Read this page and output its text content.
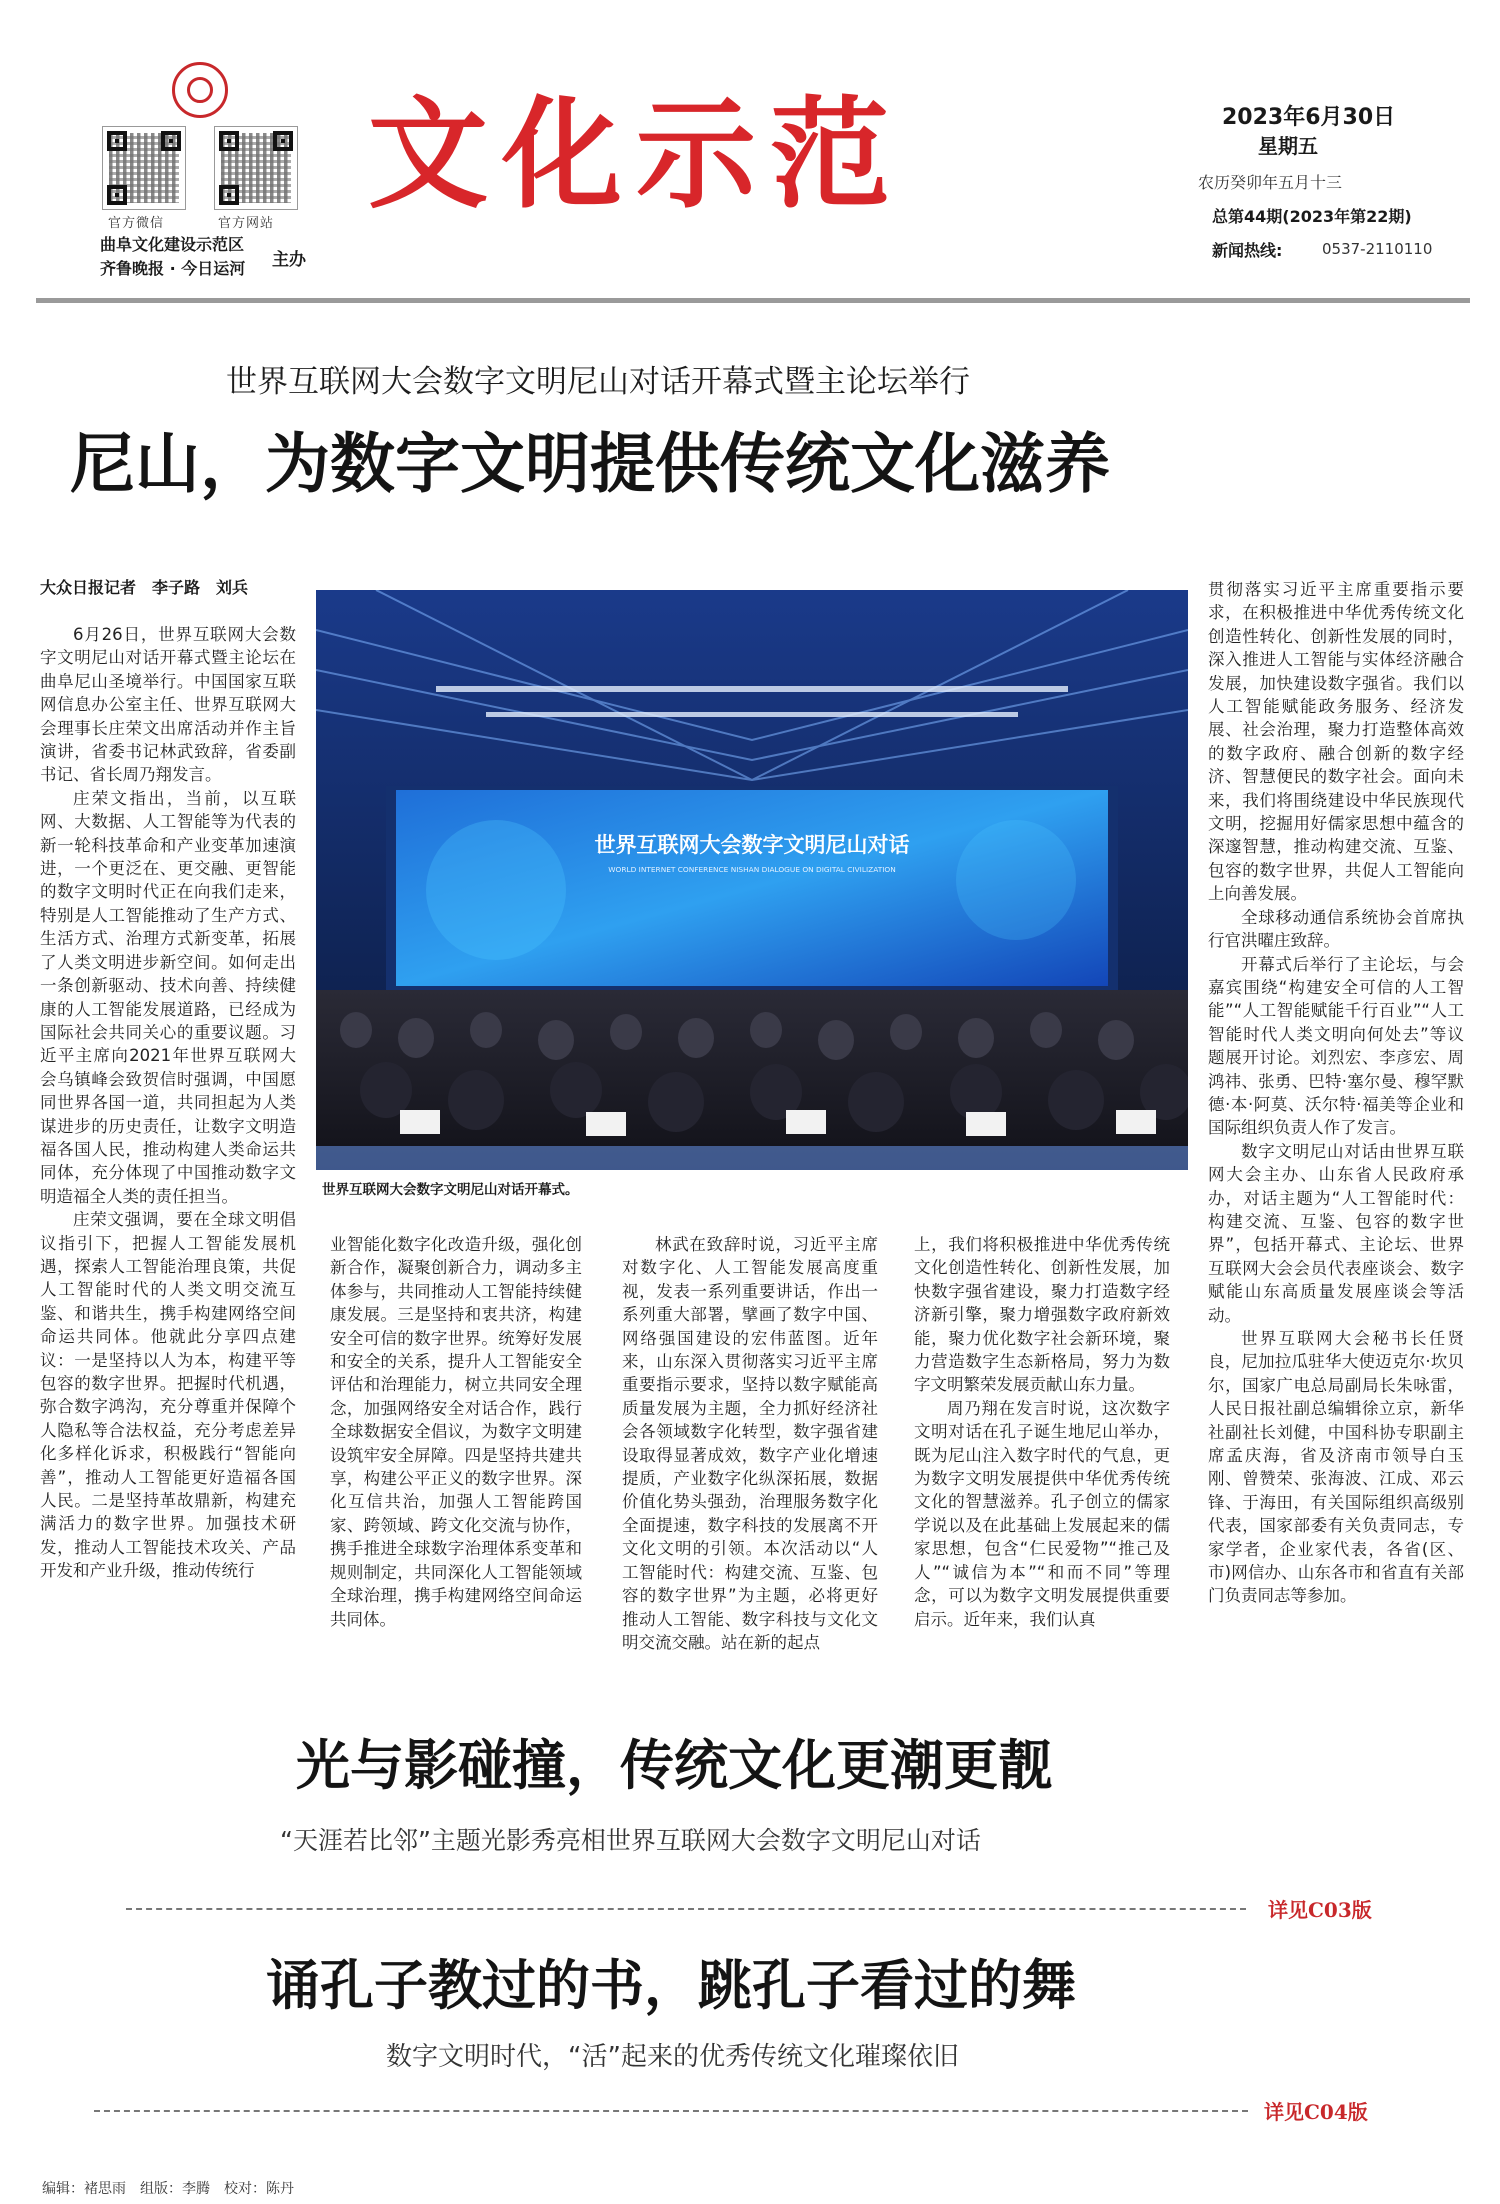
官方微信	官方网站
曲阜文化建设示范区
齐鲁晚报 · 今日运河 主办
文化示范	2023年6月30日
星期五
农历癸卯年五月十三
总第44期(2023年第22期)
新闻热线:	0537-2110110
世界互联网大会数字文明尼山对话开幕式暨主论坛举行
尼山，为数字文明提供传统文化滋养
大众日报记者　李子路　刘兵

6月26日，世界互联网大会数字文明尼山对话开幕式暨主论坛在曲阜尼山圣境举行。中国国家互联网信息办公室主任、世界互联网大会理事长庄荣文出席活动并作主旨演讲，省委书记林武致辞，省委副书记、省长周乃翔发言。

庄荣文指出，当前，以互联网、大数据、人工智能等为代表的新一轮科技革命和产业变革加速演进，一个更泛在、更交融、更智能的数字文明时代正在向我们走来，特别是人工智能推动了生产方式、生活方式、治理方式新变革，拓展了人类文明进步新空间。如何走出一条创新驱动、技术向善、持续健康的人工智能发展道路，已经成为国际社会共同关心的重要议题。习近平主席向2021年世界互联网大会乌镇峰会致贺信时强调，中国愿同世界各国一道，共同担起为人类谋进步的历史责任，让数字文明造福各国人民，推动构建人类命运共同体，充分体现了中国推动数字文明造福全人类的责任担当。

庄荣文强调，要在全球文明倡议指引下，把握人工智能发展机遇，探索人工智能治理良策，共促人工智能时代的人类文明交流互鉴、和谐共生，携手构建网络空间命运共同体。他就此分享四点建议：一是坚持以人为本，构建平等包容的数字世界。把握时代机遇，弥合数字鸿沟，充分尊重并保障个人隐私等合法权益，充分考虑差异化多样化诉求，积极践行“智能向善”，推动人工智能更好造福各国人民。二是坚持革故鼎新，构建充满活力的数字世界。加强技术研发，推动人工智能技术攻关、产品开发和产业升级，推动传统行

世界互联网大会数字文明尼山对话
WORLD INTERNET CONFERENCE NISHAN DIALOGUE ON DIGITAL CIVILIZATION
世界互联网大会数字文明尼山对话开幕式。

业智能化数字化改造升级，强化创新合作，凝聚创新合力，调动多主体参与，共同推动人工智能持续健康发展。三是坚持和衷共济，构建安全可信的数字世界。统筹好发展和安全的关系，提升人工智能安全评估和治理能力，树立共同安全理念，加强网络安全对话合作，践行全球数据安全倡议，为数字文明建设筑牢安全屏障。四是坚持共建共享，构建公平正义的数字世界。深化互信共治，加强人工智能跨国家、跨领域、跨文化交流与协作，携手推进全球数字治理体系变革和规则制定，共同深化人工智能领域全球治理，携手构建网络空间命运共同体。

林武在致辞时说，习近平主席对数字化、人工智能发展高度重视，发表一系列重要讲话，作出一系列重大部署，擘画了数字中国、网络强国建设的宏伟蓝图。近年来，山东深入贯彻落实习近平主席重要指示要求，坚持以数字赋能高质量发展为主题，全力抓好经济社会各领域数字化转型，数字强省建设取得显著成效，数字产业化增速提质，产业数字化纵深拓展，数据价值化势头强劲，治理服务数字化全面提速，数字科技的发展离不开文化文明的引领。本次活动以“人工智能时代：构建交流、互鉴、包容的数字世界”为主题，必将更好推动人工智能、数字科技与文化文明交流交融。站在新的起点

上，我们将积极推进中华优秀传统文化创造性转化、创新性发展，加快数字强省建设，聚力打造数字经济新引擎，聚力增强数字政府新效能，聚力优化数字社会新环境，聚力营造数字生态新格局，努力为数字文明繁荣发展贡献山东力量。

周乃翔在发言时说，这次数字文明对话在孔子诞生地尼山举办，既为尼山注入数字时代的气息，更为数字文明发展提供中华优秀传统文化的智慧滋养。孔子创立的儒家学说以及在此基础上发展起来的儒家思想，包含“仁民爱物”“推己及人”“诚信为本”“和而不同”等理念，可以为数字文明发展提供重要启示。近年来，我们认真

贯彻落实习近平主席重要指示要求，在积极推进中华优秀传统文化创造性转化、创新性发展的同时，深入推进人工智能与实体经济融合发展，加快建设数字强省。我们以人工智能赋能政务服务、经济发展、社会治理，聚力打造整体高效的数字政府、融合创新的数字经济、智慧便民的数字社会。面向未来，我们将围绕建设中华民族现代文明，挖掘用好儒家思想中蕴含的深邃智慧，推动构建交流、互鉴、包容的数字世界，共促人工智能向上向善发展。

全球移动通信系统协会首席执行官洪曜庄致辞。

开幕式后举行了主论坛，与会嘉宾围绕“构建安全可信的人工智能”“人工智能赋能千行百业”“人工智能时代人类文明向何处去”等议题展开讨论。刘烈宏、李彦宏、周鸿祎、张勇、巴特·塞尔曼、穆罕默德·本·阿莫、沃尔特·福美等企业和国际组织负责人作了发言。

数字文明尼山对话由世界互联网大会主办、山东省人民政府承办，对话主题为“人工智能时代：构建交流、互鉴、包容的数字世界”，包括开幕式、主论坛、世界互联网大会会员代表座谈会、数字赋能山东高质量发展座谈会等活动。

世界互联网大会秘书长任贤良，尼加拉瓜驻华大使迈克尔·坎贝尔，国家广电总局副局长朱咏雷，人民日报社副总编辑徐立京，新华社副社长刘健，中国科协专职副主席孟庆海，省及济南市领导白玉刚、曾赞荣、张海波、江成、邓云锋、于海田，有关国际组织高级别代表，国家部委有关负责同志，专家学者，企业家代表，各省(区、市)网信办、山东各市和省直有关部门负责同志等参加。

光与影碰撞，传统文化更潮更靓
“天涯若比邻”主题光影秀亮相世界互联网大会数字文明尼山对话
详见C03版
诵孔子教过的书，跳孔子看过的舞
数字文明时代，“活”起来的优秀传统文化璀璨依旧
详见C04版
编辑：褚思雨　组版：李腾　校对：陈丹
